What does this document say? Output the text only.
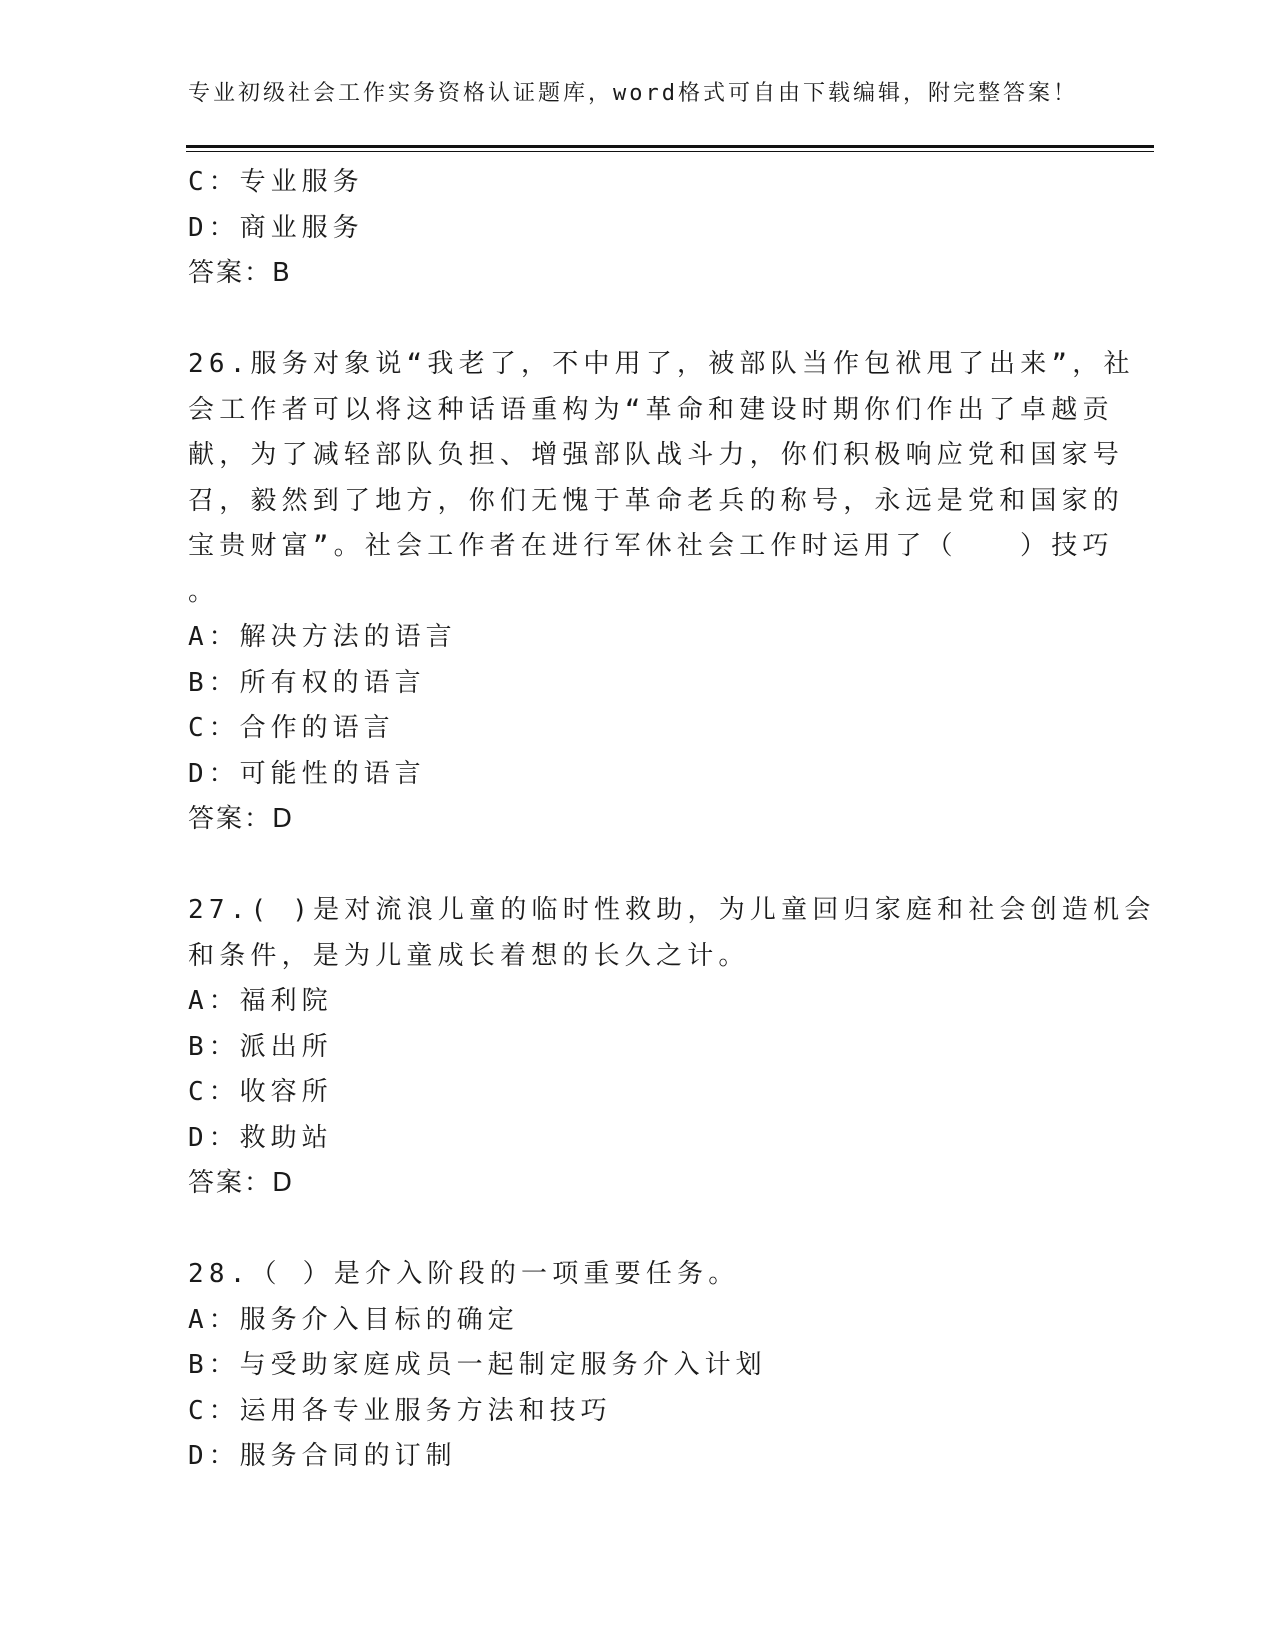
专业初级社会工作实务资格认证题库，word格式可自由下载编辑，附完整答案！
C：专业服务
D：商业服务
答案：B
26.服务对象说“我老了，不中用了，被部队当作包袱甩了出来”，社
会工作者可以将这种话语重构为“革命和建设时期你们作出了卓越贡
献，为了减轻部队负担、增强部队战斗力，你们积极响应党和国家号
召，毅然到了地方，你们无愧于革命老兵的称号，永远是党和国家的
宝贵财富”。社会工作者在进行军休社会工作时运用了（　　）技巧
。
A：解决方法的语言
B：所有权的语言
C：合作的语言
D：可能性的语言
答案：D
27.( )是对流浪儿童的临时性救助，为儿童回归家庭和社会创造机会
和条件，是为儿童成长着想的长久之计。
A：福利院
B：派出所
C：收容所
D：救助站
答案：D
28.（ ）是介入阶段的一项重要任务。
A：服务介入目标的确定
B：与受助家庭成员一起制定服务介入计划
C：运用各专业服务方法和技巧
D：服务合同的订制
